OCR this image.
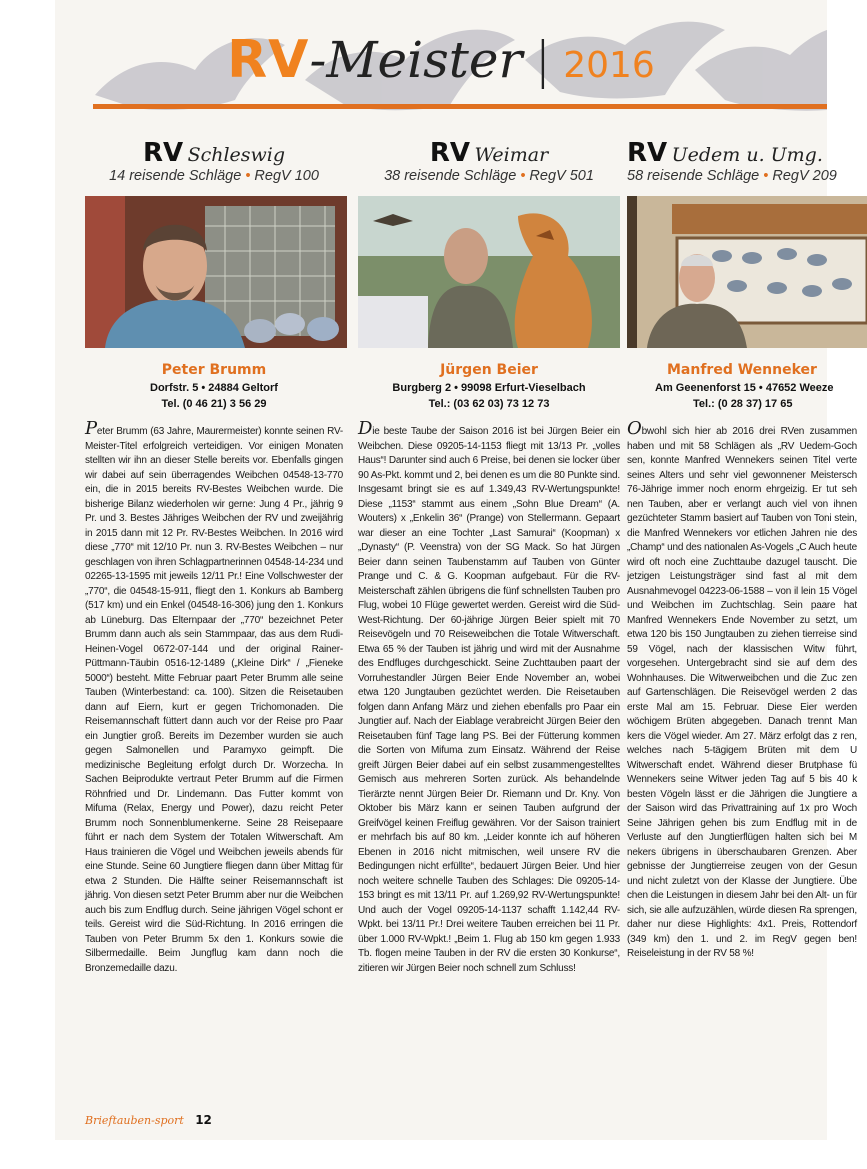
RV-Meister | 2016
RV Schleswig
14 reisende Schläge • RegV 100
Peter Brumm
Dorfstr. 5 • 24884 Geltorf
Tel. (0 46 21) 3 56 29
Peter Brumm (63 Jahre, Maurermeister) konnte seinen RV-Meister-Titel erfolgreich verteidigen. Vor einigen Monaten stellten wir ihn an dieser Stelle bereits vor. Ebenfalls gingen wir dabei auf sein überragendes Weibchen 04548-13-770 ein, die in 2015 bereits RV-Bestes Weibchen wurde. Die bisherige Bilanz wiederholen wir gerne: Jung 4 Pr., jährig 9 Pr. und 3. Bestes Jähriges Weibchen der RV und zweijährig in 2015 dann mit 12 Pr. RV-Bestes Weibchen. In 2016 wird diese „770“ mit 12/10 Pr. nun 3. RV-Bestes Weibchen – nur geschlagen von ihren Schlagpartnerinnen 04548-14-234 und 02265-13-1595 mit jeweils 12/11 Pr.! Eine Vollschwester der „770“, die 04548-15-911, fliegt den 1. Konkurs ab Bamberg (517 km) und ein Enkel (04548-16-306) jung den 1. Konkurs ab Lüneburg. Das Elternpaar der „770“ bezeichnet Peter Brumm dann auch als sein Stammpaar, das aus dem Rudi-Heinen-Vogel 0672-07-144 und der original Rainer-Püttmann-Täubin 0516-12-1489 („Kleine Dirk“ / „Fieneke 5000“) besteht. Mitte Februar paart Peter Brumm alle seine Tauben (Winterbestand: ca. 100). Sitzen die Reisetauben dann auf Eiern, kurt er gegen Trichomonaden. Die Reisemannschaft füttert dann auch vor der Reise pro Paar ein Jungtier groß. Bereits im Dezember wurden sie auch gegen Salmonellen und Paramyxo geimpft. Die medizinische Begleitung erfolgt durch Dr. Worzecha. In Sachen Beiprodukte vertraut Peter Brumm auf die Firmen Röhnfried und Dr. Lindemann. Das Futter kommt von Mifuma (Relax, Energy und Power), dazu reicht Peter Brumm noch Sonnenblumenkerne. Seine 28 Reisepaare führt er nach dem System der Totalen Witwerschaft. Am Haus trainieren die Vögel und Weibchen jeweils abends für eine Stunde. Seine 60 Jungtiere fliegen dann über Mittag für etwa 2 Stunden. Die Hälfte seiner Reisemannschaft ist jährig. Von diesen setzt Peter Brumm aber nur die Weibchen auch bis zum Endflug durch. Seine jährigen Vögel schont er teils. Gereist wird die Süd-Richtung. In 2016 erringen die Tauben von Peter Brumm 5x den 1. Konkurs sowie die Silbermedaille. Beim Jungflug kam dann noch die Bronzemedaille dazu.
RV Weimar
38 reisende Schläge • RegV 501
Jürgen Beier
Burgberg 2 • 99098 Erfurt-Vieselbach
Tel.: (03 62 03) 73 12 73
Die beste Taube der Saison 2016 ist bei Jürgen Beier ein Weibchen. Diese 09205-14-1153 fliegt mit 13/13 Pr. „volles Haus“! Darunter sind auch 6 Preise, bei denen sie locker über 90 As-Pkt. kommt und 2, bei denen es um die 80 Punkte sind. Insgesamt bringt sie es auf 1.349,43 RV-Wertungspunkte! Diese „1153“ stammt aus einem „Sohn Blue Dream“ (A. Wouters) x „Enkelin 36“ (Prange) von Stellermann. Gepaart war dieser an eine Tochter „Last Samurai“ (Koopman) x „Dynasty“ (P. Veenstra) von der SG Mack. So hat Jürgen Beier dann seinen Taubenstamm auf Tauben von Günter Prange und C. & G. Koopman aufgebaut. Für die RV-Meisterschaft zählen übrigens die fünf schnellsten Tauben pro Flug, wobei 10 Flüge gewertet werden. Gereist wird die Süd-West-Richtung. Der 60-jährige Jürgen Beier spielt mit 70 Reisevögeln und 70 Reiseweibchen die Totale Witwerschaft. Etwa 65 % der Tauben ist jährig und wird mit der Ausnahme des Endfluges durchgeschickt. Seine Zuchttauben paart der Vorruhestandler Jürgen Beier Ende November an, wobei etwa 120 Jungtauben gezüchtet werden. Die Reisetauben folgen dann Anfang März und ziehen ebenfalls pro Paar ein Jungtier auf. Nach der Eiablage verabreicht Jürgen Beier den Reisetauben fünf Tage lang PS. Bei der Fütterung kommen die Sorten von Mifuma zum Einsatz. Während der Reise greift Jürgen Beier dabei auf ein selbst zusammengestelltes Gemisch aus mehreren Sorten zurück. Als behandelnde Tierärzte nennt Jürgen Beier Dr. Riemann und Dr. Kny. Von Oktober bis März kann er seinen Tauben aufgrund der Greifvögel keinen Freiflug gewähren. Vor der Saison trainiert er mehrfach bis auf 80 km. „Leider konnte ich auf höheren Ebenen in 2016 nicht mitmischen, weil unsere RV die Bedingungen nicht erfüllte“, bedauert Jürgen Beier. Und hier noch weitere schnelle Tauben des Schlages: Die 09205-14-153 bringt es mit 13/11 Pr. auf 1.269,92 RV-Wertungspunkte! Und auch der Vogel 09205-14-1137 schafft 1.142,44 RV-Wpkt. bei 13/11 Pr.! Drei weitere Tauben erreichen bei 11 Pr. über 1.000 RV-Wpkt.! „Beim 1. Flug ab 150 km gegen 1.933 Tb. flogen meine Tauben in der RV die ersten 30 Konkurse“, zitieren wir Jürgen Beier noch schnell zum Schluss!
RV Uedem u. Umg.
58 reisende Schläge • RegV 209
Manfred Wenneker
Am Geenenforst 15 • 47652 Weeze
Tel.: (0 28 37) 17 65
Obwohl sich hier ab 2016 drei RVen zusammen haben und mit 58 Schlägen als „RV Uedem-Goch sen, konnte Manfred Wennekers seinen Titel verte seines Alters und sehr viel gewonnener Meistersch 76-Jährige immer noch enorm ehrgeizig. Er tut seh nen Tauben, aber er verlangt auch viel von ihnen gezüchteter Stamm basiert auf Tauben von Toni stein, die Manfred Wennekers vor etlichen Jahren nie des „Champ“ und des nationalen As-Vogels „C Auch heute wird oft noch eine Zuchttaube dazugel tauscht. Die jetzigen Leistungsträger sind fast al mit dem Ausnahmevogel 04223-06-1588 – von il lein 15 Vögel und Weibchen im Zuchtschlag. Sein paare hat Manfred Wennekers Ende November zu setzt, um etwa 120 bis 150 Jungtauben zu ziehen tierreise sind 59 Vögel, nach der klassischen Witw führt, vorgesehen. Untergebracht sind sie auf dem des Wohnhauses. Die Witwerweibchen und die Zuc zen auf Gartenschlägen. Die Reisevögel werden 2 das erste Mal am 15. Februar. Diese Eier werden wöchigem Brüten abgegeben. Danach trennt Man kers die Vögel wieder. Am 27. März erfolgt das z ren, welches nach 5-tägigem Brüten mit dem U Witwerschaft endet. Während dieser Brutphase fü Wennekers seine Witwer jeden Tag auf 5 bis 40 k besten Vögeln lässt er die Jährigen die Jungtiere a der Saison wird das Privattraining auf 1x pro Woch Seine Jährigen gehen bis zum Endflug mit in de Verluste auf den Jungtierflügen halten sich bei M nekers übrigens in überschaubaren Grenzen. Aber gebnisse der Jungtierreise zeugen von der Gesun und nicht zuletzt von der Klasse der Jungtiere. Übe chen die Leistungen in diesem Jahr bei den Alt- un für sich, sie alle aufzuzählen, würde diesen Ra sprengen, daher nur diese Highlights: 4x1. Preis, Rottendorf (349 km) den 1. und 2. im RegV gegen ben! Reiseleistung in der RV 58 %!
Brieftauben-sport 12
